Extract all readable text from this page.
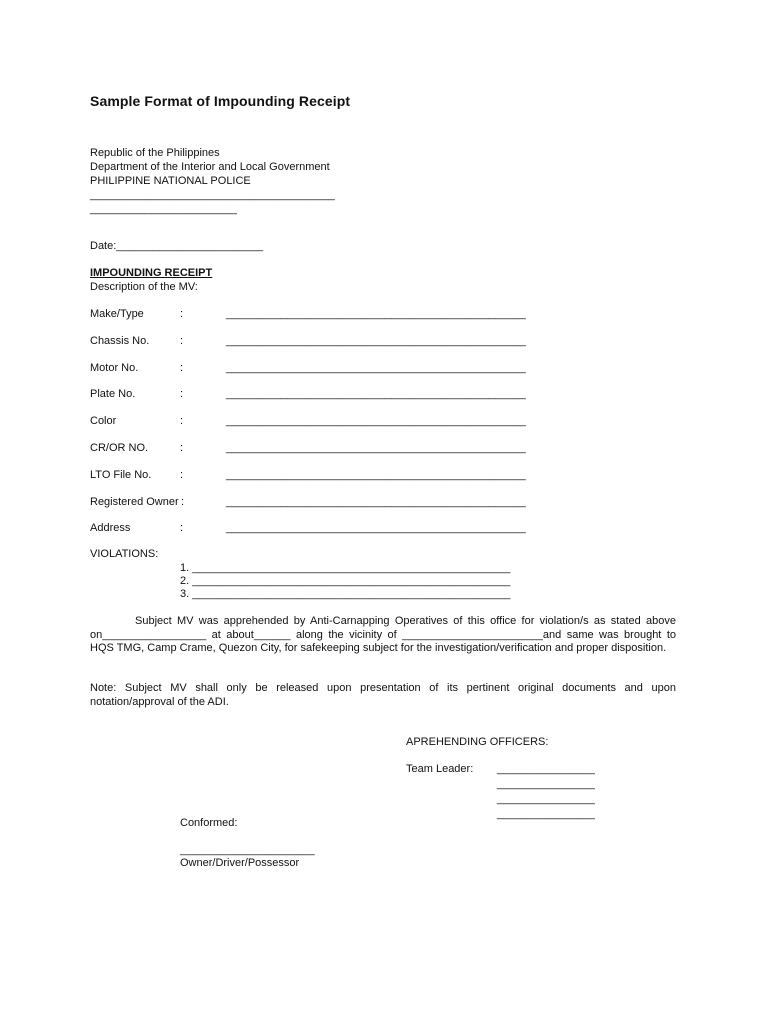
Sample Format of Impounding Receipt
Republic of the Philippines
Department of the Interior and Local Government
PHILIPPINE NATIONAL POLICE
________________________________________
________________________
Date:________________________
IMPOUNDING RECEIPT
Description of the MV:
Make/Type	:	_________________________________________________
Chassis No.	:	_________________________________________________
Motor No.	:	_________________________________________________
Plate No.	:	_________________________________________________
Color	:	_________________________________________________
CR/OR NO.	:	_________________________________________________
LTO File No.	:	_________________________________________________
Registered Owner :	_________________________________________________
Address	:	_________________________________________________
VIOLATIONS:
1. ____________________________________________________
2. ____________________________________________________
3. ____________________________________________________
Subject MV was apprehended by Anti-Carnapping Operatives of this office for violation/s as stated above on_________________ at about______ along the vicinity of _______________________and same was brought to HQS TMG, Camp Crame, Quezon City, for safekeeping subject for the investigation/verification and proper disposition.
Note: Subject MV shall only be released upon presentation of its pertinent original documents and upon notation/approval of the ADI.
APREHENDING OFFICERS:
Team Leader: ________________
________________
________________
________________
Conformed:
______________________
Owner/Driver/Possessor
